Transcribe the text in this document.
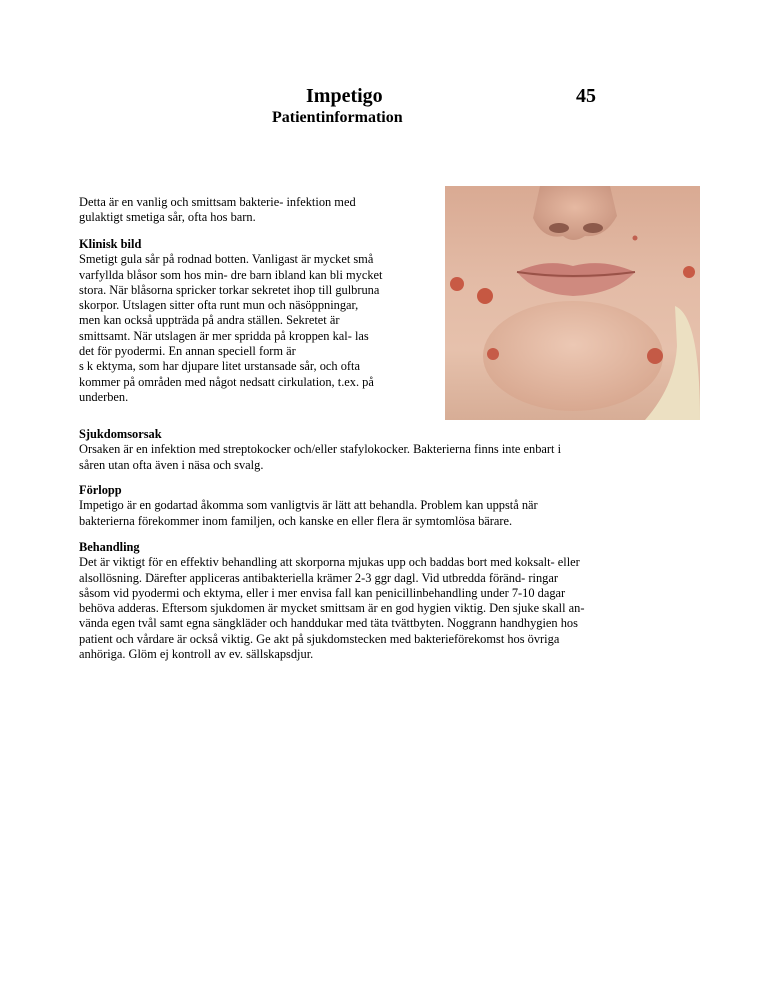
Impetigo	45
Patientinformation

Detta är en vanlig och smittsam bakterie- infektion med
gulaktigt smetiga sår, ofta hos barn.

Klinisk bild
Smetigt gula sår på rodnad botten. Vanligast är mycket små
varfyllda blåsor som hos min- dre barn ibland kan bli mycket
stora. När blåsorna spricker torkar sekretet ihop till gulbruna
skorpor. Utslagen sitter ofta runt mun och näsöppningar,
men kan också uppträda på andra ställen. Sekretet är
smittsamt. När utslagen är mer spridda på kroppen kal- las
det för pyodermi. En annan speciell form är
s k ektyma, som har djupare litet urstansade sår, och ofta
kommer på områden med något nedsatt cirkulation, t.ex. på
underben.
Sjukdomsorsak
Orsaken är en infektion med streptokocker och/eller stafylokocker. Bakterierna finns inte enbart i
såren utan ofta även i näsa och svalg.
Förlopp
Impetigo är en godartad åkomma som vanligtvis är lätt att behandla. Problem kan uppstå när
bakterierna förekommer inom familjen, och kanske en eller flera är symtomlösa bärare.
Behandling
Det är viktigt för en effektiv behandling att skorporna mjukas upp och baddas bort med koksalt- eller
alsollösning. Därefter appliceras antibakteriella krämer 2-3 ggr dagl. Vid utbredda föränd- ringar
såsom vid pyodermi och ektyma, eller i mer envisa fall kan penicillinbehandling under 7-10 dagar
behöva adderas. Eftersom sjukdomen är mycket smittsam är en god hygien viktig. Den sjuke skall an-
vända egen tvål samt egna sängkläder och handdukar med täta tvättbyten. Noggrann handhygien hos
patient och vårdare är också viktig. Ge akt på sjukdomstecken med bakterieförekomst hos övriga
anhöriga. Glöm ej kontroll av ev. sällskapsdjur.
